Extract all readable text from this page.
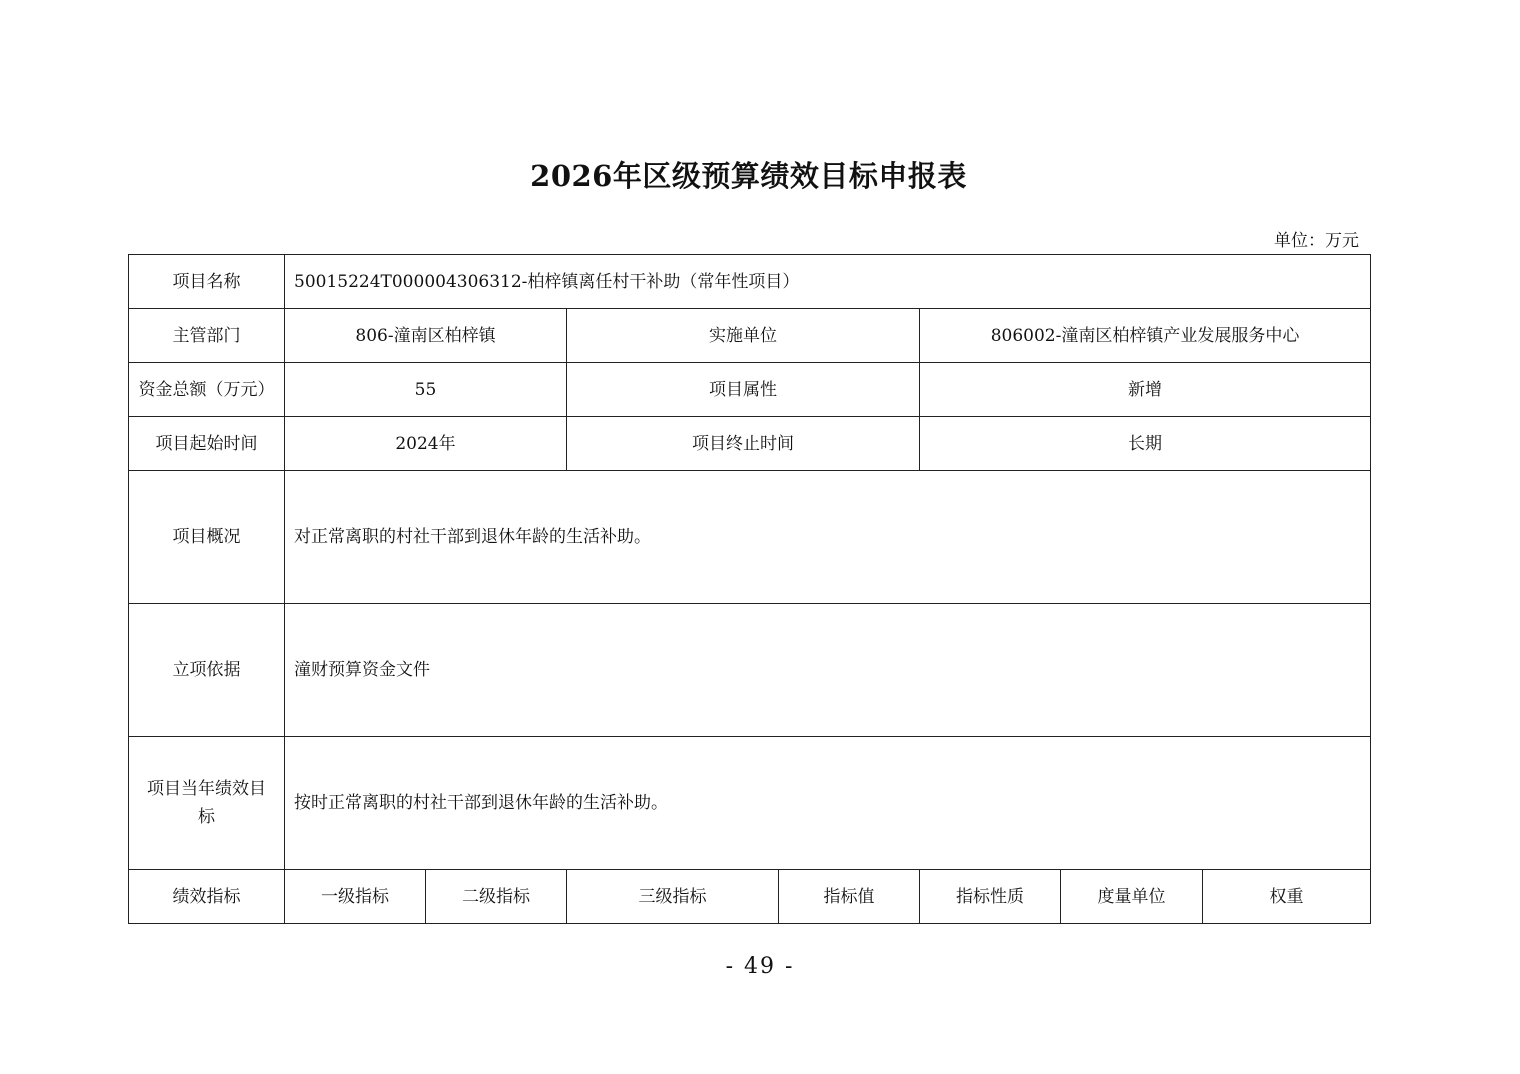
2026年区级预算绩效目标申报表
单位：万元
项目名称	50015224T000004306312-柏梓镇离任村干补助（常年性项目）						
主管部门	806-潼南区柏梓镇		实施单位		806002-潼南区柏梓镇产业发展服务中心		
资金总额（万元）	55		项目属性		新增		
项目起始时间	2024年		项目终止时间		长期		
项目概况	对正常离职的村社干部到退休年龄的生活补助。						
立项依据	潼财预算资金文件						
项目当年绩效目标	按时正常离职的村社干部到退休年龄的生活补助。						
绩效指标	一级指标	二级指标	三级指标	指标值	指标性质	度量单位	权重
- 49 -
